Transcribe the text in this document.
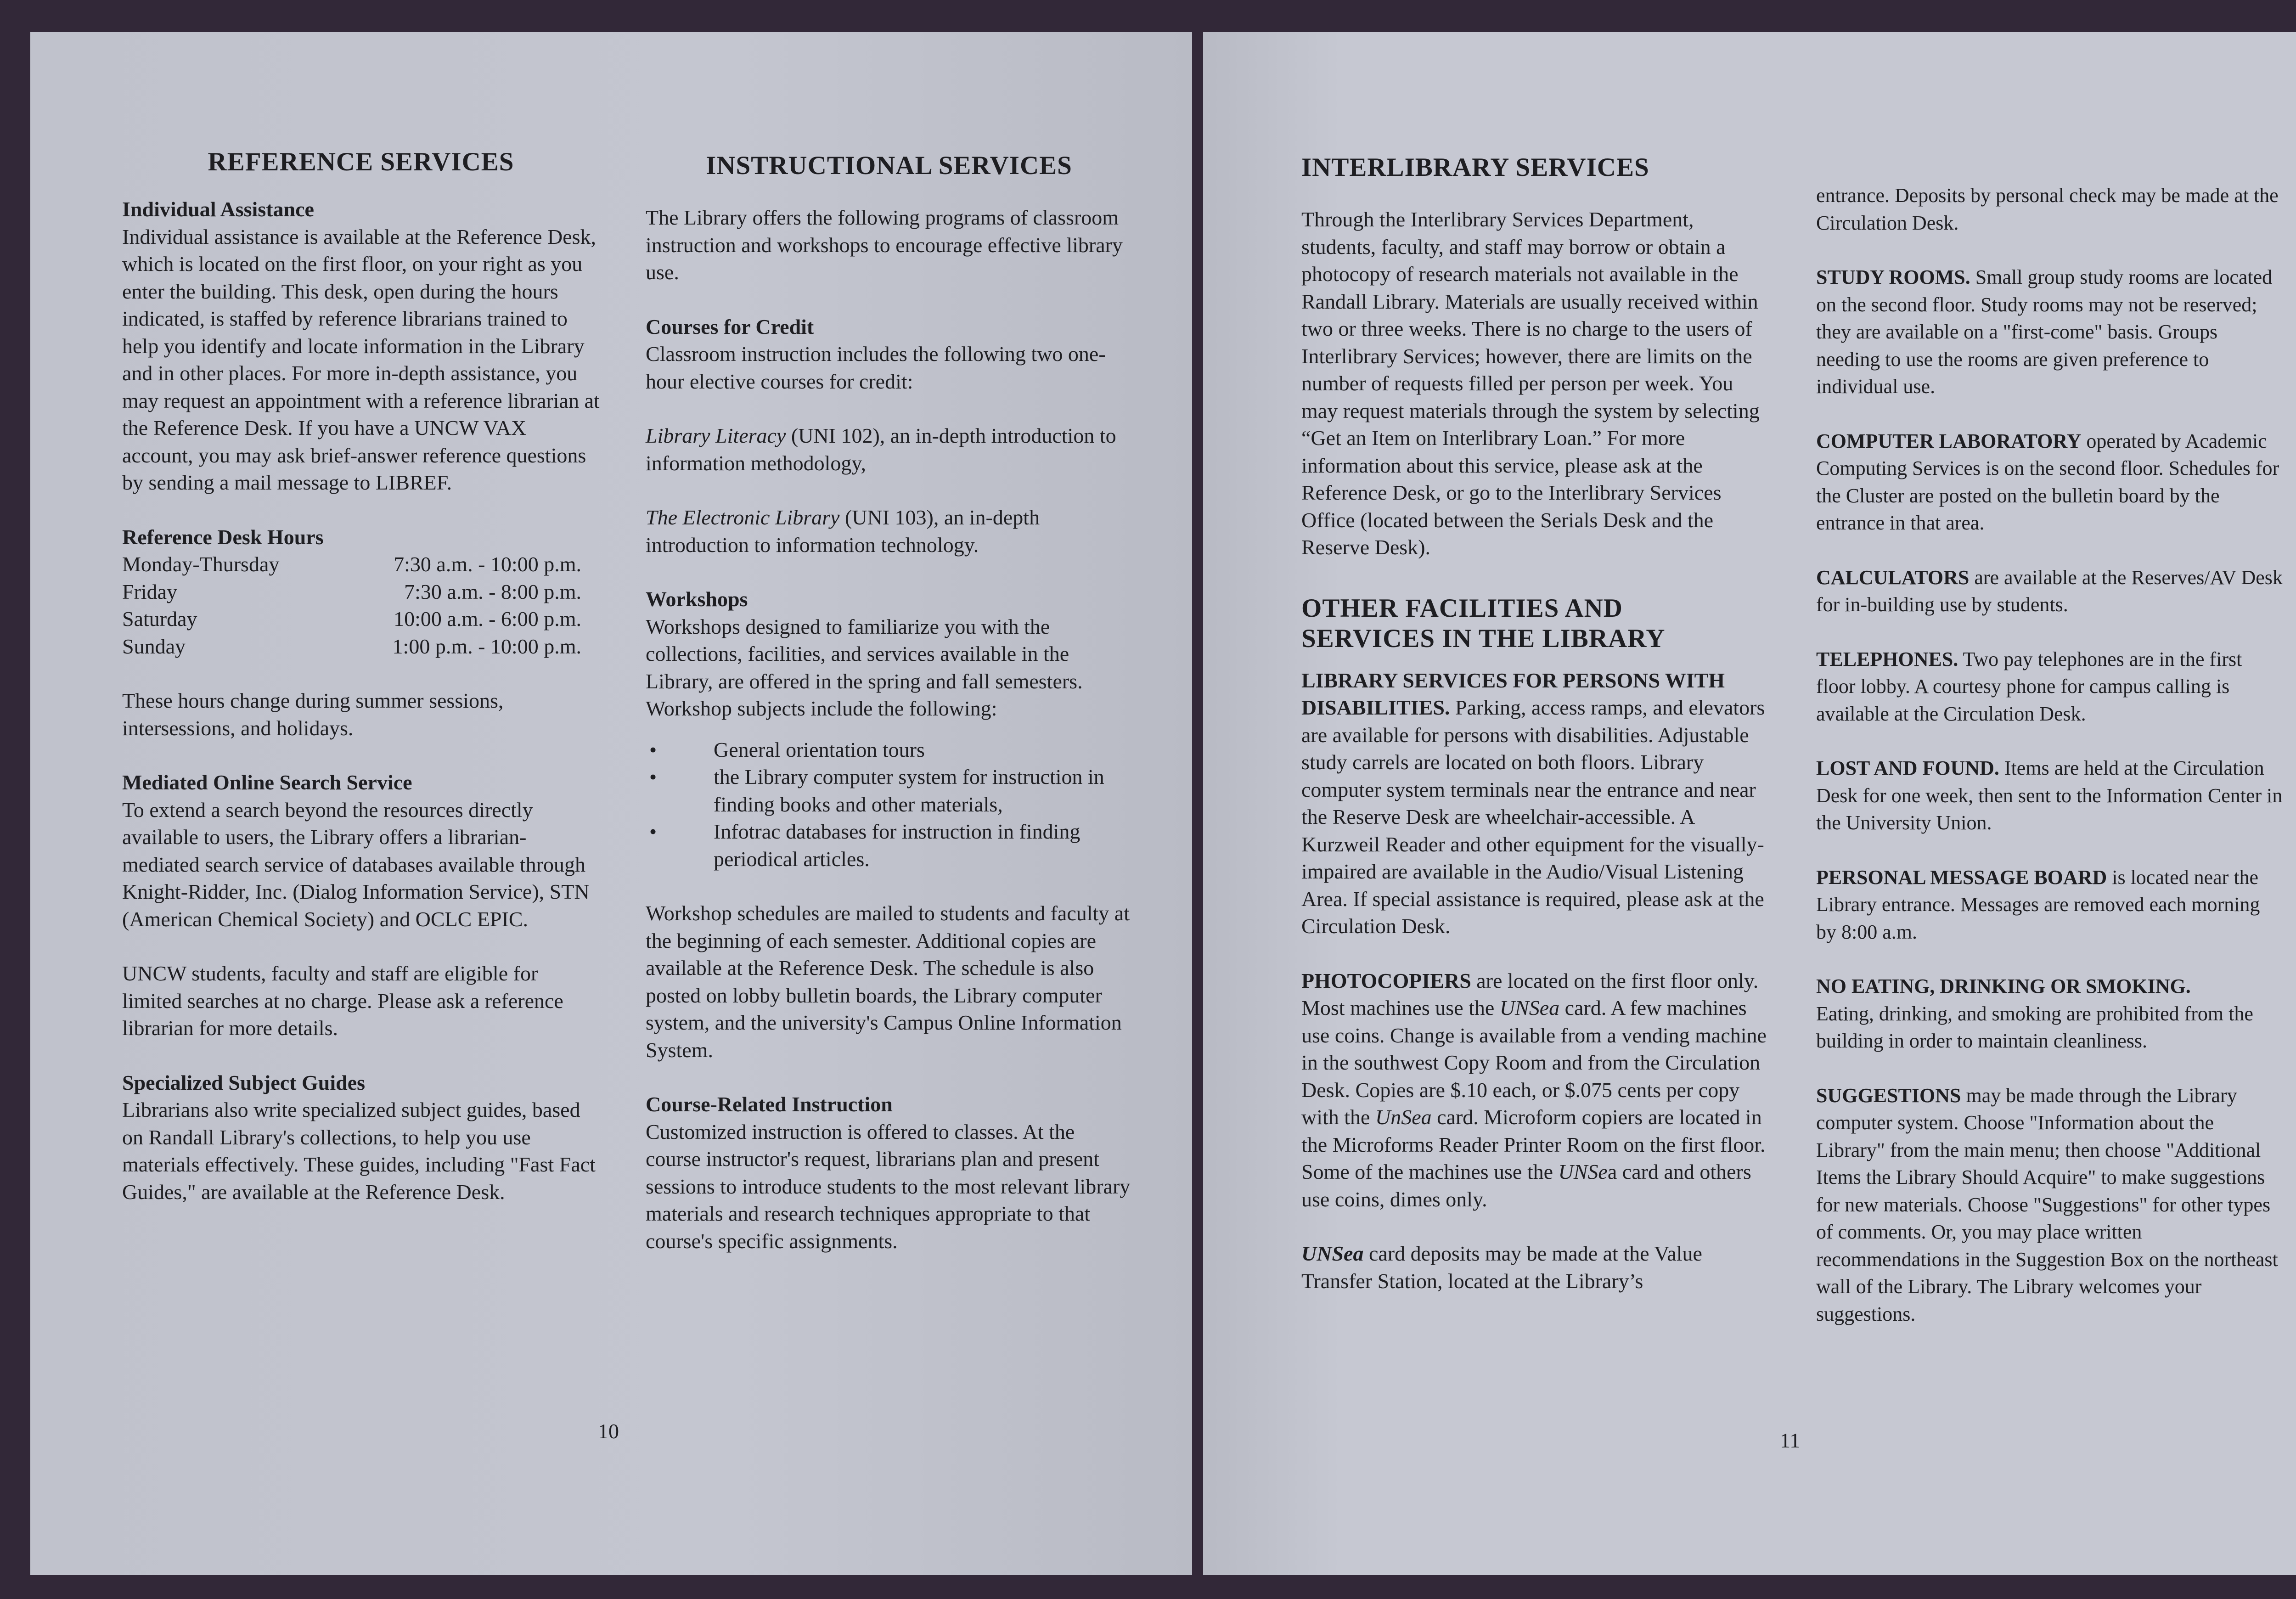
REFERENCE SERVICES

Individual Assistance
Individual assistance is available at the Reference Desk, which is located on the first floor, on your right as you enter the building. This desk, open during the hours indicated, is staffed by reference librarians trained to help you identify and locate information in the Library and in other places. For more in-depth assistance, you may request an appointment with a reference librarian at the Reference Desk. If you have a UNCW VAX account, you may ask brief-answer reference questions by sending a mail message to LIBREF.

Reference Desk Hours
Monday-Thursday	7:30 a.m. - 10:00 p.m.
Friday	7:30 a.m. - 8:00 p.m.
Saturday	10:00 a.m. - 6:00 p.m.
Sunday	1:00 p.m. - 10:00 p.m.

These hours change during summer sessions, intersessions, and holidays.

Mediated Online Search Service
To extend a search beyond the resources directly available to users, the Library offers a librarian-mediated search service of databases available through Knight-Ridder, Inc. (Dialog Information Service), STN (American Chemical Society) and OCLC EPIC.

UNCW students, faculty and staff are eligible for limited searches at no charge. Please ask a reference librarian for more details.

Specialized Subject Guides
Librarians also write specialized subject guides, based on Randall Library's collections, to help you use materials effectively. These guides, including "Fast Fact Guides," are available at the Reference Desk.

INSTRUCTIONAL SERVICES

The Library offers the following programs of classroom instruction and workshops to encourage effective library use.

Courses for Credit
Classroom instruction includes the following two one-hour elective courses for credit:

Library Literacy (UNI 102), an in-depth introduction to information methodology,

The Electronic Library (UNI 103), an in-depth introduction to information technology.

Workshops
Workshops designed to familiarize you with the collections, facilities, and services available in the Library, are offered in the spring and fall semesters. Workshop subjects include the following:

• General orientation tours
• the Library computer system for instruction in finding books and other materials,
• Infotrac databases for instruction in finding periodical articles.

Workshop schedules are mailed to students and faculty at the beginning of each semester. Additional copies are available at the Reference Desk. The schedule is also posted on lobby bulletin boards, the Library computer system, and the university's Campus Online Information System.

Course-Related Instruction
Customized instruction is offered to classes. At the course instructor's request, librarians plan and present sessions to introduce students to the most relevant library materials and research techniques appropriate to that course's specific assignments.

10
INTERLIBRARY SERVICES

Through the Interlibrary Services Department, students, faculty, and staff may borrow or obtain a photocopy of research materials not available in the Randall Library. Materials are usually received within two or three weeks. There is no charge to the users of Interlibrary Services; however, there are limits on the number of requests filled per person per week. You may request materials through the system by selecting “Get an Item on Interlibrary Loan.” For more information about this service, please ask at the Reference Desk, or go to the Interlibrary Services Office (located between the Serials Desk and the Reserve Desk).

OTHER FACILITIES AND
SERVICES IN THE LIBRARY

LIBRARY SERVICES FOR PERSONS WITH DISABILITIES. Parking, access ramps, and elevators are available for persons with disabilities. Adjustable study carrels are located on both floors. Library computer system terminals near the entrance and near the Reserve Desk are wheelchair-accessible. A Kurzweil Reader and other equipment for the visually-impaired are available in the Audio/Visual Listening Area. If special assistance is required, please ask at the Circulation Desk.

PHOTOCOPIERS are located on the first floor only. Most machines use the UNSea card. A few machines use coins. Change is available from a vending machine in the southwest Copy Room and from the Circulation Desk. Copies are $.10 each, or $.075 cents per copy with the UnSea card. Microform copiers are located in the Microforms Reader Printer Room on the first floor. Some of the machines use the UNSea card and others use coins, dimes only.

UNSea card deposits may be made at the Value Transfer Station, located at the Library’s

entrance. Deposits by personal check may be made at the Circulation Desk.

STUDY ROOMS. Small group study rooms are located on the second floor. Study rooms may not be reserved; they are available on a "first-come" basis. Groups needing to use the rooms are given preference to individual use.

COMPUTER LABORATORY operated by Academic Computing Services is on the second floor. Schedules for the Cluster are posted on the bulletin board by the entrance in that area.

CALCULATORS are available at the Reserves/AV Desk for in-building use by students.

TELEPHONES. Two pay telephones are in the first floor lobby. A courtesy phone for campus calling is available at the Circulation Desk.

LOST AND FOUND. Items are held at the Circulation Desk for one week, then sent to the Information Center in the University Union.

PERSONAL MESSAGE BOARD is located near the Library entrance. Messages are removed each morning by 8:00 a.m.

NO EATING, DRINKING OR SMOKING.
Eating, drinking, and smoking are prohibited from the building in order to maintain cleanliness.

SUGGESTIONS may be made through the Library computer system. Choose "Information about the Library" from the main menu; then choose "Additional Items the Library Should Acquire" to make suggestions for new materials. Choose "Suggestions" for other types of comments. Or, you may place written recommendations in the Suggestion Box on the northeast wall of the Library. The Library welcomes your suggestions.

11
